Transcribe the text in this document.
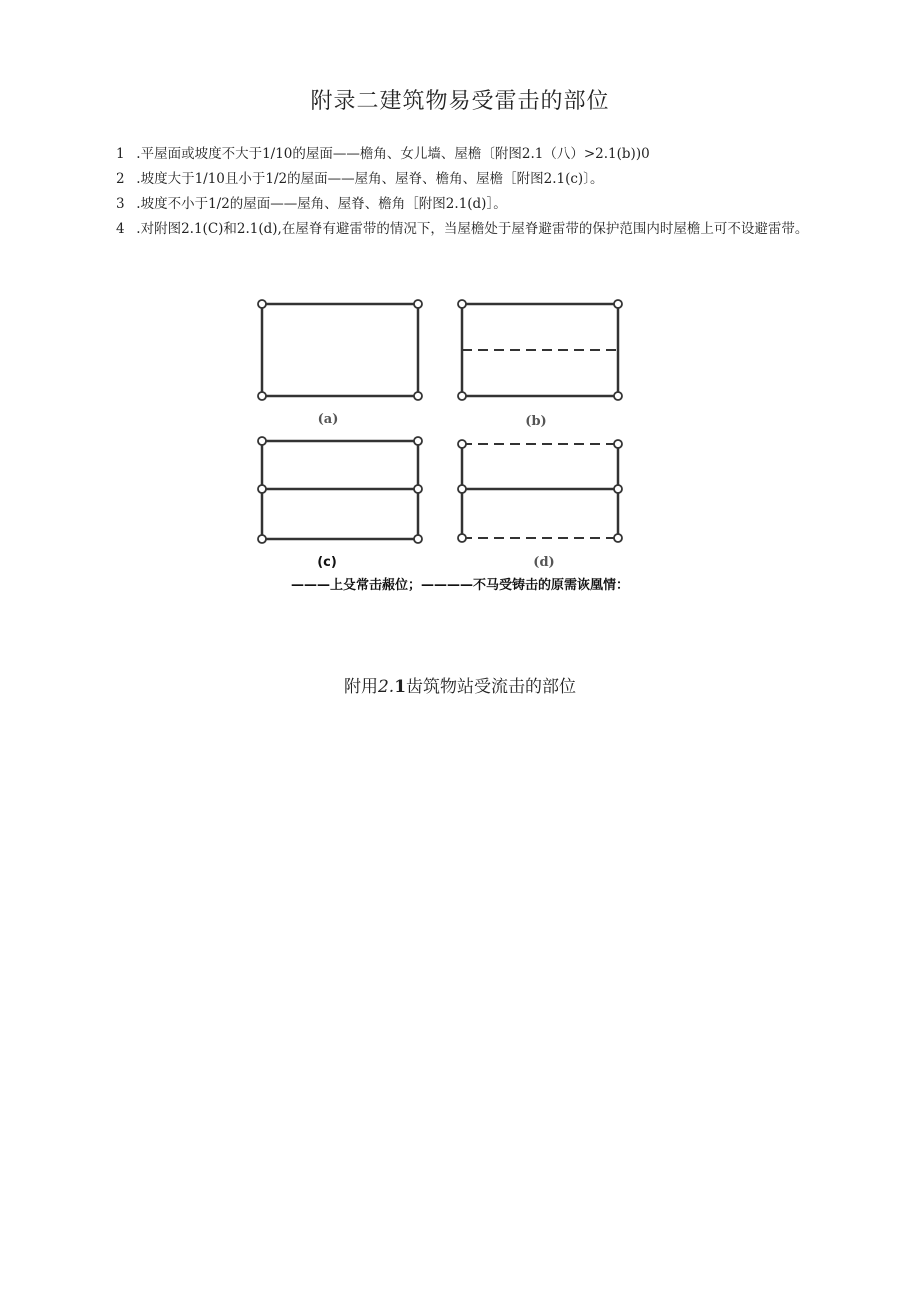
附录二建筑物易受雷击的部位
1 .平屋面或坡度不大于1/10的屋面——檐角、女儿墙、屋檐〔附图2.1（八）>2.1(b))0
2 .坡度大于1/10且小于1/2的屋面——屋角、屋脊、檐角、屋檐［附图2.1(c)〕。
3 .坡度不小于1/2的屋面——屋角、屋脊、檐角［附图2.1(d)］。
4 .对附图2.1(C)和2.1(d),在屋脊有避雷带的情况下，当屋檐处于屋脊避雷带的保护范围内时屋檐上可不设避雷带。
(a)	(b)
(c)	(d)
———上殳常击赧位；————不马受铸击的原需诙凰情：
附用2.1齿筑物站受流击的部位
